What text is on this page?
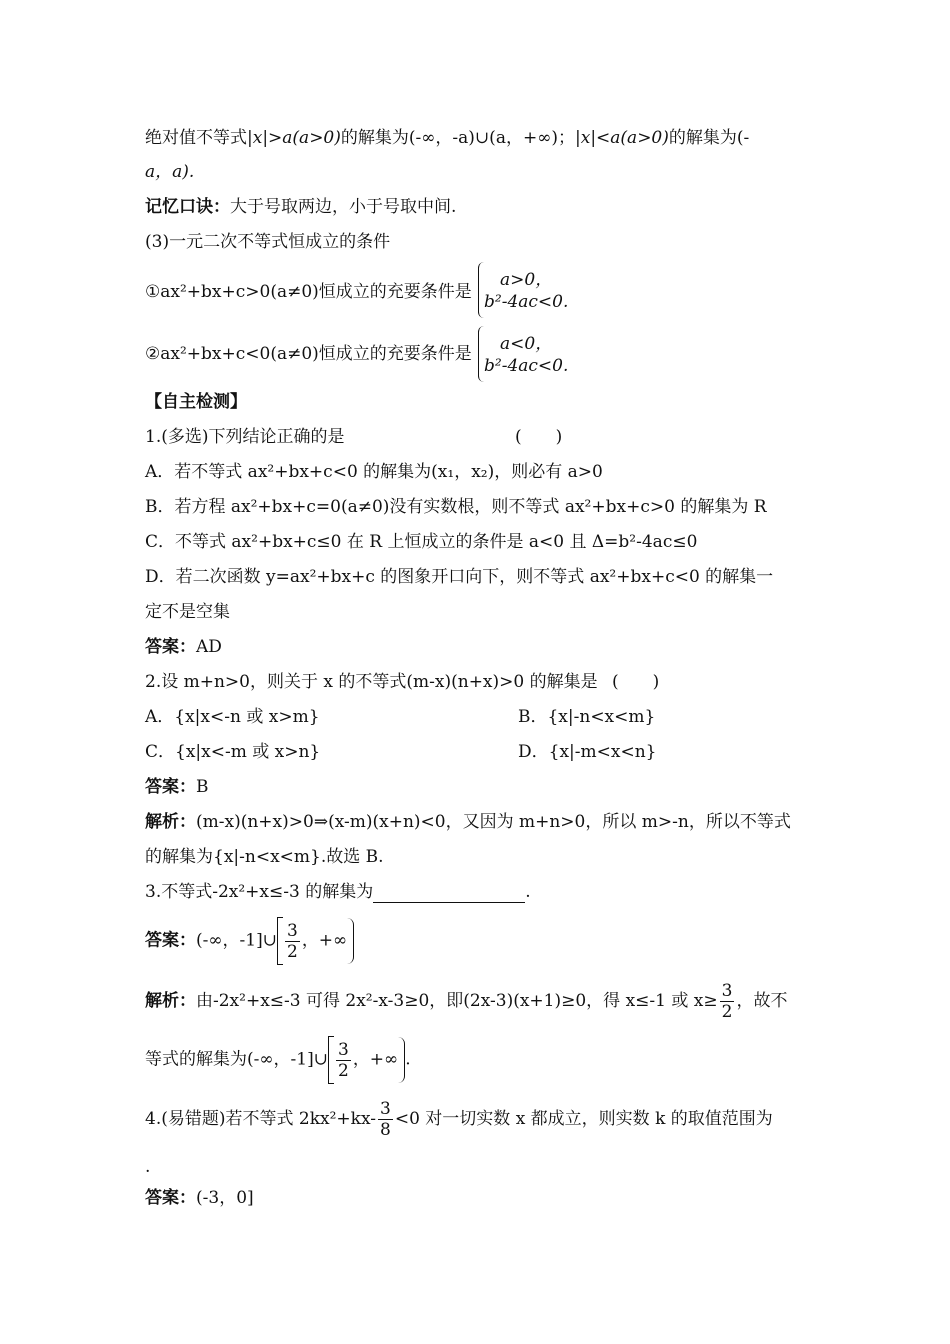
绝对值不等式|x|>a(a>0)的解集为(-∞，-a)∪(a，+∞)；|x|<a(a>0)的解集为(-
a，a).
记忆口诀：大于号取两边，小于号取中间.
(3)一元二次不等式恒成立的条件
①ax²+bx+c>0(a≠0)恒成立的充要条件是
a>0，
b²-4ac<0.
②ax²+bx+c<0(a≠0)恒成立的充要条件是 a<0，
b²-4ac<0.
【自主检测】
1.(多选)下列结论正确的是	(　　)
A．若不等式 ax²+bx+c<0 的解集为(x₁，x₂)，则必有 a>0
B．若方程 ax²+bx+c=0(a≠0)没有实数根，则不等式 ax²+bx+c>0 的解集为 R
C．不等式 ax²+bx+c≤0 在 R 上恒成立的条件是 a<0 且 Δ=b²-4ac≤0
D．若二次函数 y=ax²+bx+c 的图象开口向下，则不等式 ax²+bx+c<0 的解集一
定不是空集
答案：AD
2.设 m+n>0，则关于 x 的不等式(m-x)(n+x)>0 的解集是 (　　)
A．{x|x<-n 或 x>m}	B．{x|-n<x<m}
C．{x|x<-m 或 x>n}	D．{x|-m<x<n}
答案：B
解析：(m-x)(n+x)>0⇒(x-m)(x+n)<0，又因为 m+n>0，所以 m>-n，所以不等式
的解集为{x|-n<x<m}.故选 B.
3.不等式-2x²+x≤-3 的解集为	.
答案：(-∞，-1]∪ $\frac{3}{2}$ ，+∞
解析：由-2x²+x≤-3 可得 2x²-x-3≥0，即(2x-3)(x+1)≥0，得 x≤-1 或 $x\ge \frac{3}{2}$ ，故不
等式的解集为(-∞，-1]∪ $\frac{3}{2}$ ，+∞ .
4.(易错题)若不等式 $2kx^2+kx- \frac{3}{8} <0$ 对一切实数 x 都成立，则实数 k 的取值范围为
.
答案：(-3，0]
